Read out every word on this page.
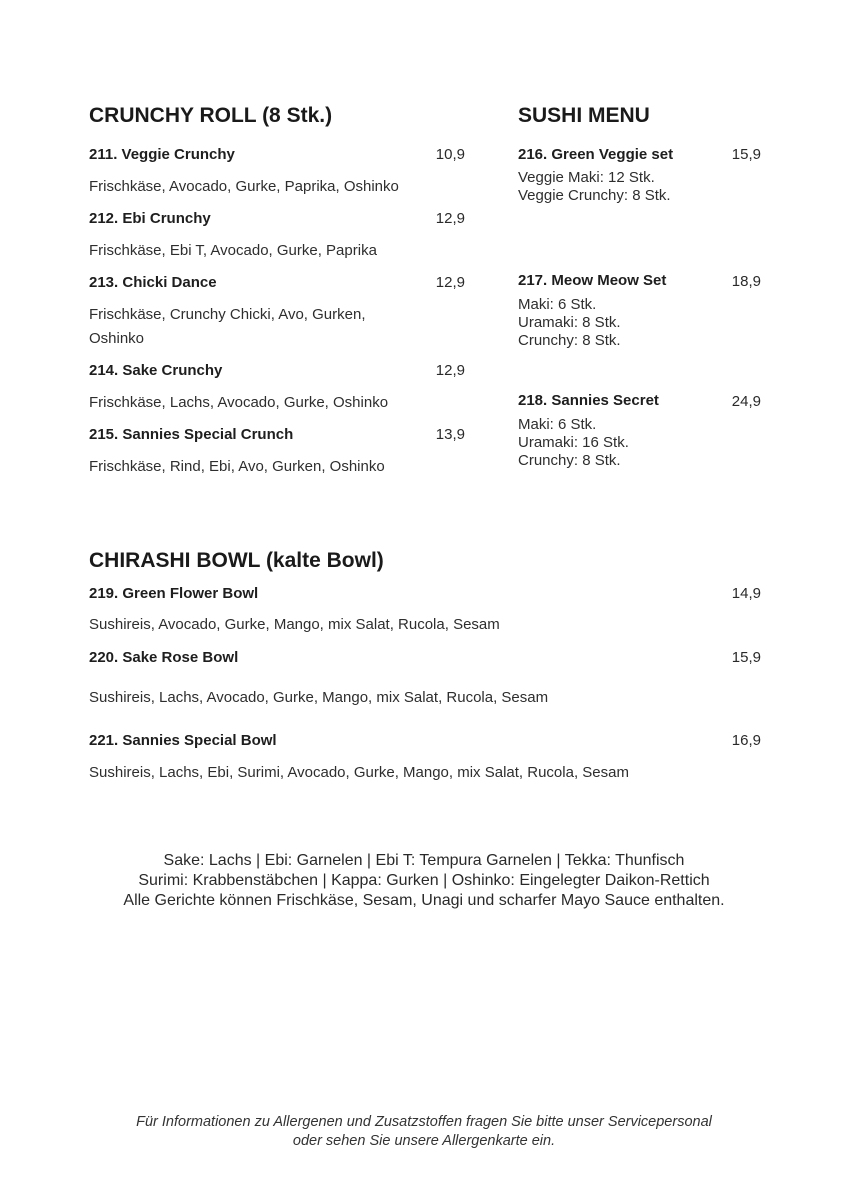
CRUNCHY ROLL (8 Stk.)
211. Veggie Crunchy	10,9
Frischkäse, Avocado, Gurke, Paprika, Oshinko
212. Ebi Crunchy	12,9
Frischkäse, Ebi T, Avocado, Gurke, Paprika
213. Chicki Dance	12,9
Frischkäse, Crunchy Chicki, Avo, Gurken,
Oshinko
214. Sake Crunchy	12,9
Frischkäse, Lachs, Avocado, Gurke, Oshinko
215. Sannies Special Crunch	13,9
Frischkäse, Rind, Ebi, Avo, Gurken, Oshinko
SUSHI MENU
216. Green Veggie set	15,9
Veggie Maki: 12 Stk.
Veggie Crunchy: 8 Stk.
217. Meow Meow Set	18,9
Maki: 6 Stk.
Uramaki: 8 Stk.
Crunchy: 8 Stk.
218. Sannies Secret	24,9
Maki: 6 Stk.
Uramaki: 16 Stk.
Crunchy: 8 Stk.
CHIRASHI BOWL (kalte Bowl)
219. Green Flower Bowl	14,9
Sushireis, Avocado, Gurke, Mango, mix Salat, Rucola, Sesam
220. Sake Rose Bowl	15,9
Sushireis, Lachs, Avocado, Gurke, Mango, mix Salat, Rucola, Sesam
221. Sannies Special Bowl	16,9
Sushireis, Lachs, Ebi, Surimi, Avocado, Gurke, Mango, mix Salat, Rucola, Sesam
Sake: Lachs | Ebi: Garnelen | Ebi T: Tempura Garnelen | Tekka: Thunfisch
Surimi: Krabbenstäbchen | Kappa: Gurken | Oshinko: Eingelegter Daikon-Rettich
Alle Gerichte können Frischkäse, Sesam, Unagi und scharfer Mayo Sauce enthalten.
Für Informationen zu Allergenen und Zusatzstoffen fragen Sie bitte unser Servicepersonal
oder sehen Sie unsere Allergenkarte ein.
